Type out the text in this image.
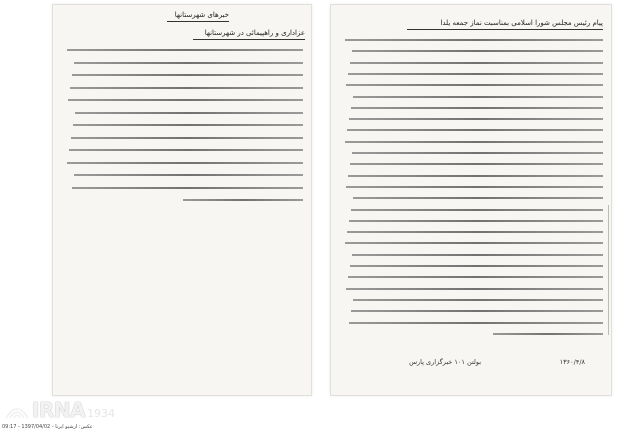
خبرهای شهرستانها
عزاداری و راهپیمائی در شهرستانها
پیام رئیس مجلس شورا اسلامی بمناسبت نماز جمعه یلدا
بولتن ۱۰۱ خبرگزاری پارس	۱۳۶۰/۴/۸
IRNA 1934
عکس: ارشیو ایرنا - 1397/04/02 - 09:17
